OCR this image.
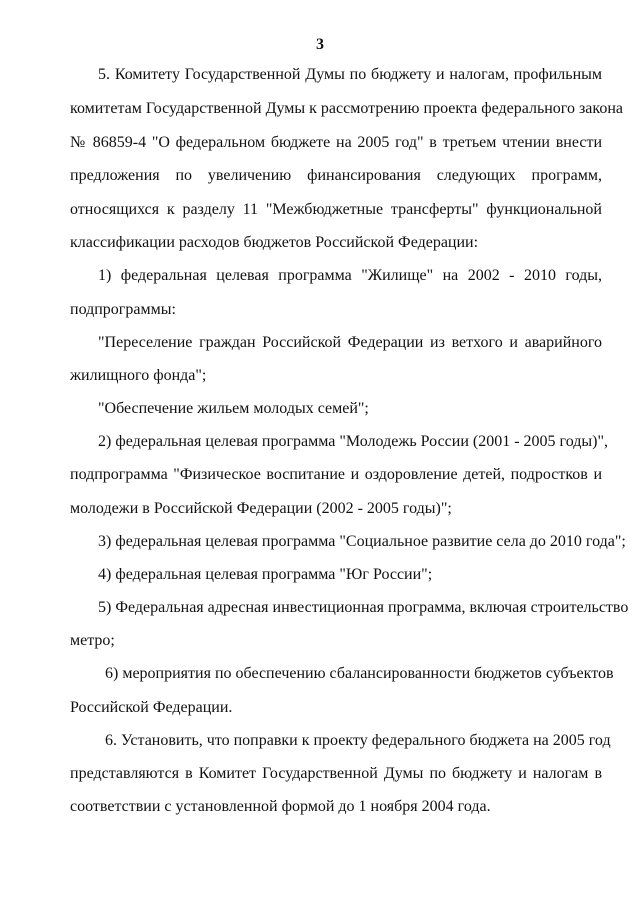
3
5. Комитету Государственной Думы по бюджету и налогам, профильным
комитетам Государственной Думы к рассмотрению проекта федерального закона
№ 86859-4 "О федеральном бюджете на 2005 год" в третьем чтении внести
предложения по увеличению финансирования следующих программ,
относящихся к разделу 11 "Межбюджетные трансферты" функциональной
классификации расходов бюджетов Российской Федерации:
1) федеральная целевая программа "Жилище" на 2002 - 2010 годы,
подпрограммы:
"Переселение граждан Российской Федерации из ветхого и аварийного
жилищного фонда";
"Обеспечение жильем молодых семей";
2) федеральная целевая программа "Молодежь России (2001 - 2005 годы)",
подпрограмма "Физическое воспитание и оздоровление детей, подростков и
молодежи в Российской Федерации (2002 - 2005 годы)";
3) федеральная целевая программа "Социальное развитие села до 2010 года";
4) федеральная целевая программа "Юг России";
5) Федеральная адресная инвестиционная программа, включая строительство
метро;
6) мероприятия по обеспечению сбалансированности бюджетов субъектов
Российской Федерации.
6. Установить, что поправки к проекту федерального бюджета на 2005 год
представляются в Комитет Государственной Думы по бюджету и налогам в
соответствии с установленной формой до 1 ноября 2004 года.
